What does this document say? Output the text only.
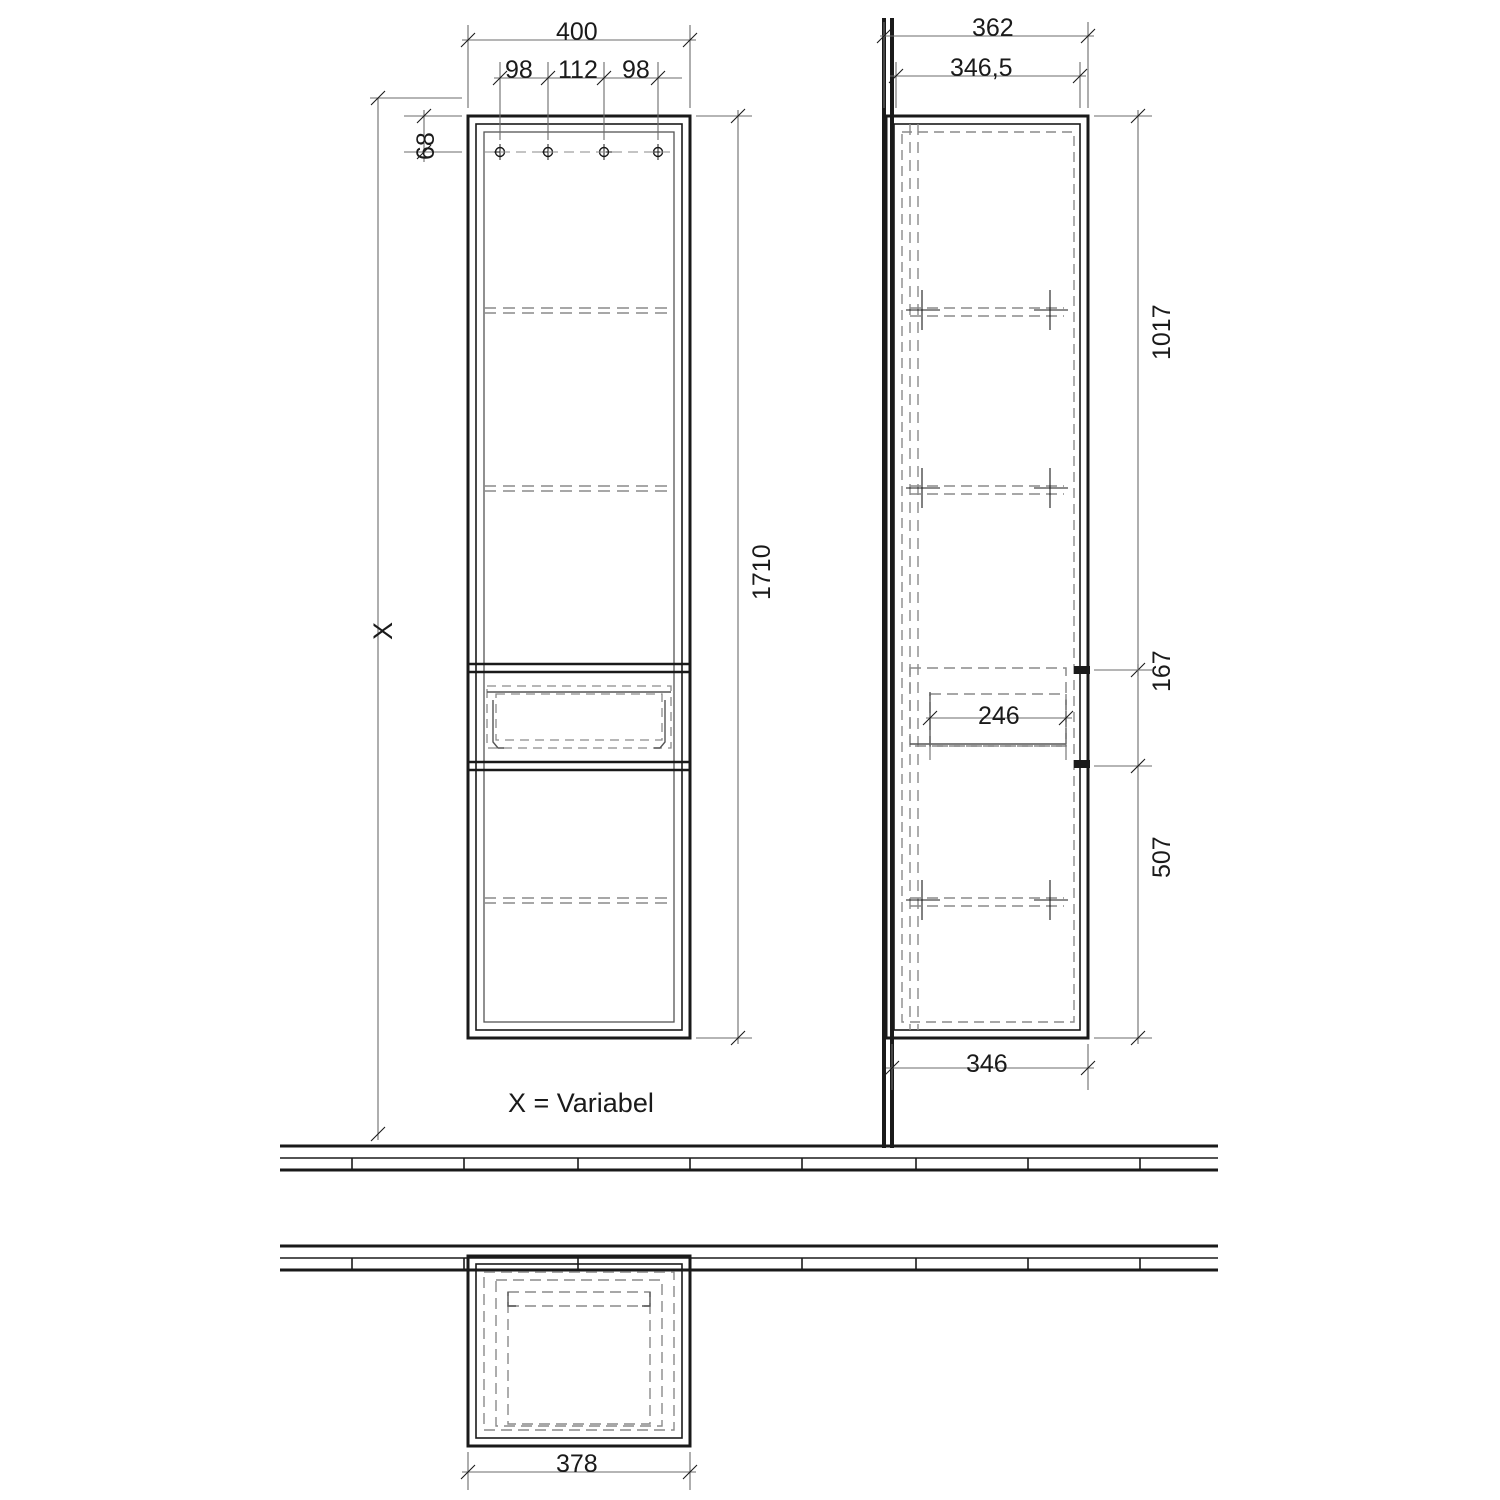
400
98 112 98
68
1710
X
X = Variabel
362
346,5
1017
167
507
246
346
378
